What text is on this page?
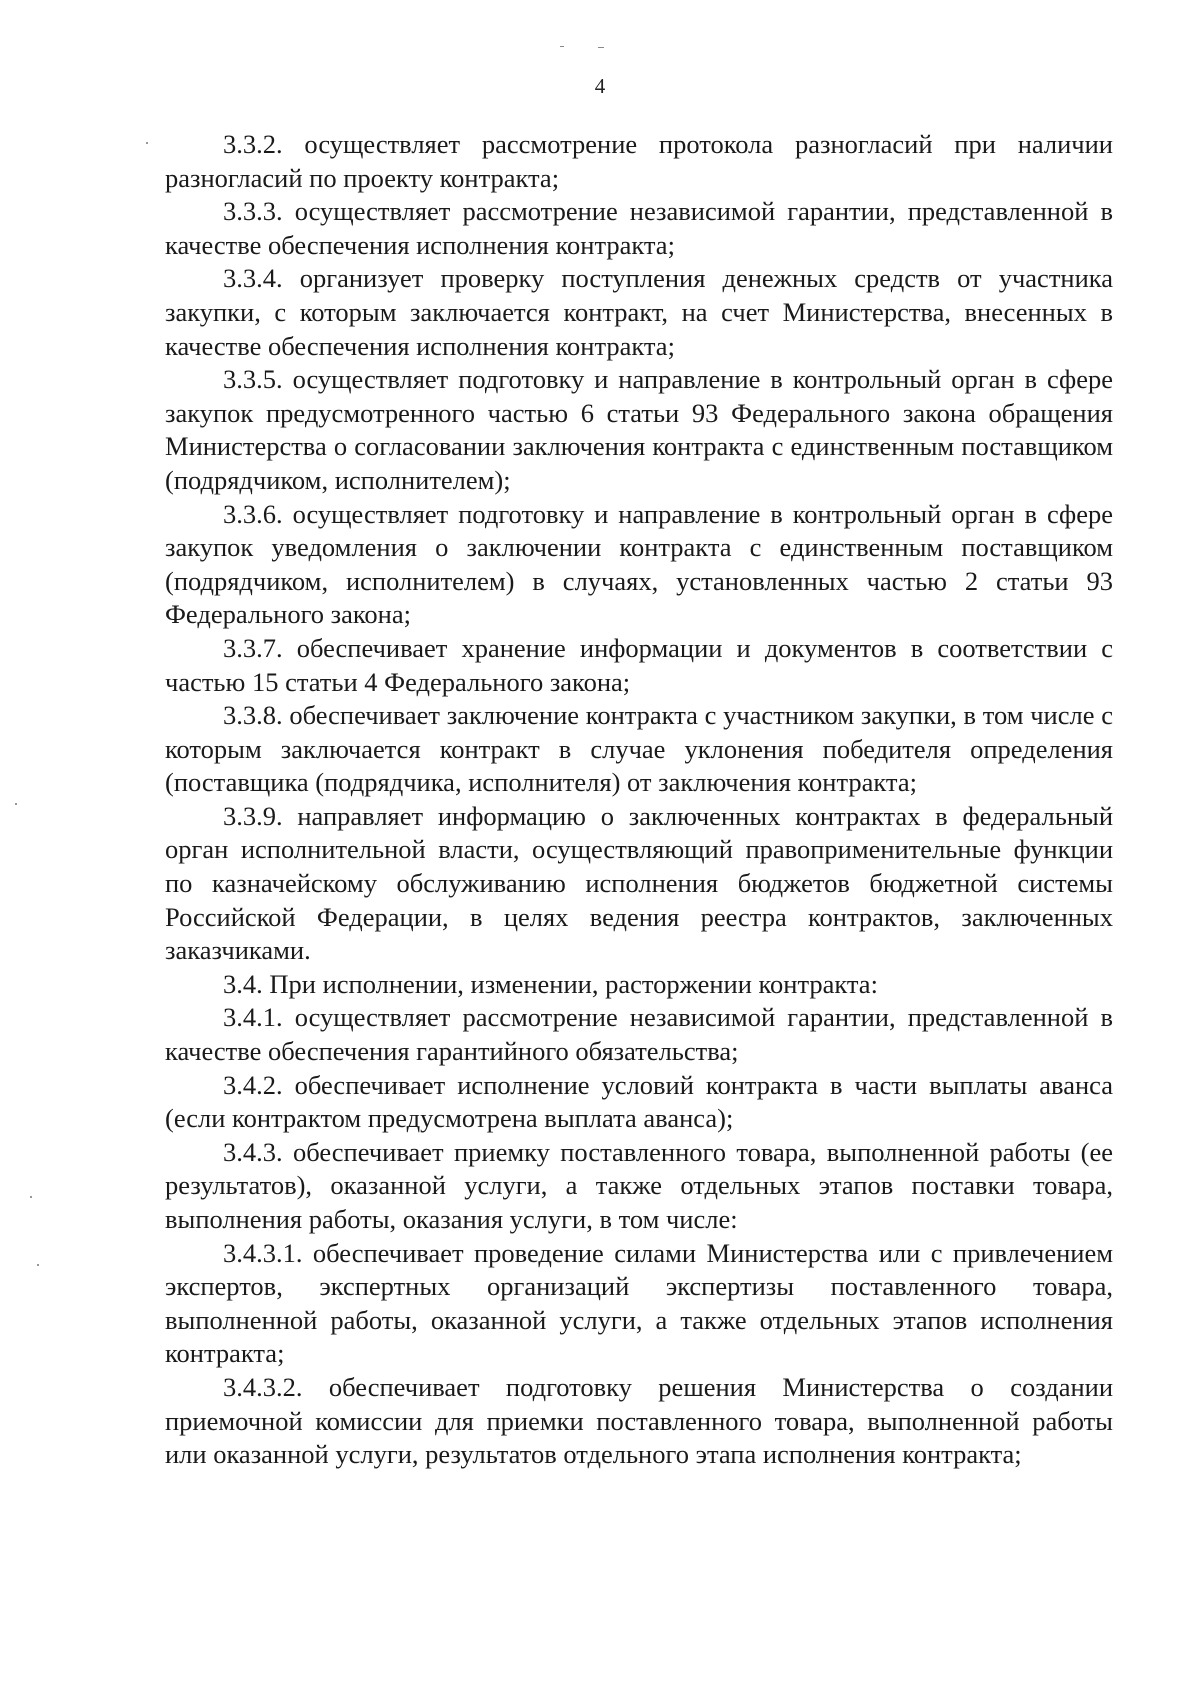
4

3.3.2. осуществляет рассмотрение протокола разногласий при наличии разногласий по проекту контракта;

3.3.3. осуществляет рассмотрение независимой гарантии, представленной в качестве обеспечения исполнения контракта;

3.3.4. организует проверку поступления денежных средств от участника закупки, с которым заключается контракт, на счет Министерства, внесенных в качестве обеспечения исполнения контракта;

3.3.5. осуществляет подготовку и направление в контрольный орган в сфере закупок предусмотренного частью 6 статьи 93 Федерального закона обращения Министерства о согласовании заключения контракта с единственным поставщиком (подрядчиком, исполнителем);

3.3.6. осуществляет подготовку и направление в контрольный орган в сфере закупок уведомления о заключении контракта с единственным поставщиком (подрядчиком, исполнителем) в случаях, установленных частью 2 статьи 93 Федерального закона;

3.3.7. обеспечивает хранение информации и документов в соответствии с частью 15 статьи 4 Федерального закона;

3.3.8. обеспечивает заключение контракта с участником закупки, в том числе с которым заключается контракт в случае уклонения победителя определения (поставщика (подрядчика, исполнителя) от заключения контракта;

3.3.9. направляет информацию о заключенных контрактах в федеральный орган исполнительной власти, осуществляющий правоприменительные функции по казначейскому обслуживанию исполнения бюджетов бюджетной системы Российской Федерации, в целях ведения реестра контрактов, заключенных заказчиками.

3.4. При исполнении, изменении, расторжении контракта:

3.4.1. осуществляет рассмотрение независимой гарантии, представленной в качестве обеспечения гарантийного обязательства;

3.4.2. обеспечивает исполнение условий контракта в части выплаты аванса (если контрактом предусмотрена выплата аванса);

3.4.3. обеспечивает приемку поставленного товара, выполненной работы (ее результатов), оказанной услуги, а также отдельных этапов поставки товара, выполнения работы, оказания услуги, в том числе:

3.4.3.1. обеспечивает проведение силами Министерства или с привлечением экспертов, экспертных организаций экспертизы поставленного товара, выполненной работы, оказанной услуги, а также отдельных этапов исполнения контракта;

3.4.3.2. обеспечивает подготовку решения Министерства о создании приемочной комиссии для приемки поставленного товара, выполненной работы или оказанной услуги, результатов отдельного этапа исполнения контракта;
